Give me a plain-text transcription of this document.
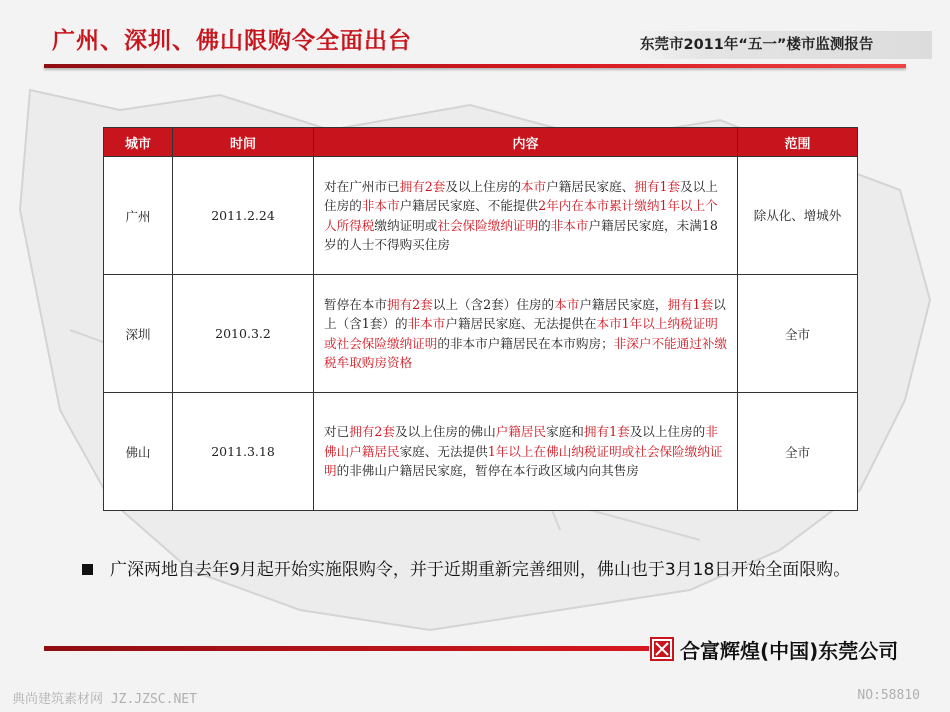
广州、深圳、佛山限购令全面出台	东莞市2011年“五一”楼市监测报告
城市	时间	内容	范围
广州	2011.2.24	对在广州市已拥有2套及以上住房的本市户籍居民家庭、拥有1套及以上住房的非本市户籍居民家庭、不能提供2年内在本市累计缴纳1年以上个人所得税缴纳证明或社会保险缴纳证明的非本市户籍居民家庭，未满18岁的人士不得购买住房	除从化、增城外
深圳	2010.3.2	暂停在本市拥有2套以上（含2套）住房的本市户籍居民家庭，拥有1套以上（含1套）的非本市户籍居民家庭、无法提供在本市1年以上纳税证明或社会保险缴纳证明的非本市户籍居民在本市购房；非深户不能通过补缴税牟取购房资格	全市
佛山	2011.3.18	对已拥有2套及以上住房的佛山户籍居民家庭和拥有1套及以上住房的非佛山户籍居民家庭、无法提供1年以上在佛山纳税证明或社会保险缴纳证明的非佛山户籍居民家庭，暂停在本行政区域内向其售房	全市
广深两地自去年9月起开始实施限购令，并于近期重新完善细则，佛山也于3月18日开始全面限购。
合富辉煌(中国)东莞公司
典尚建筑素材网 JZ.JZSC.NET	NO:58810
